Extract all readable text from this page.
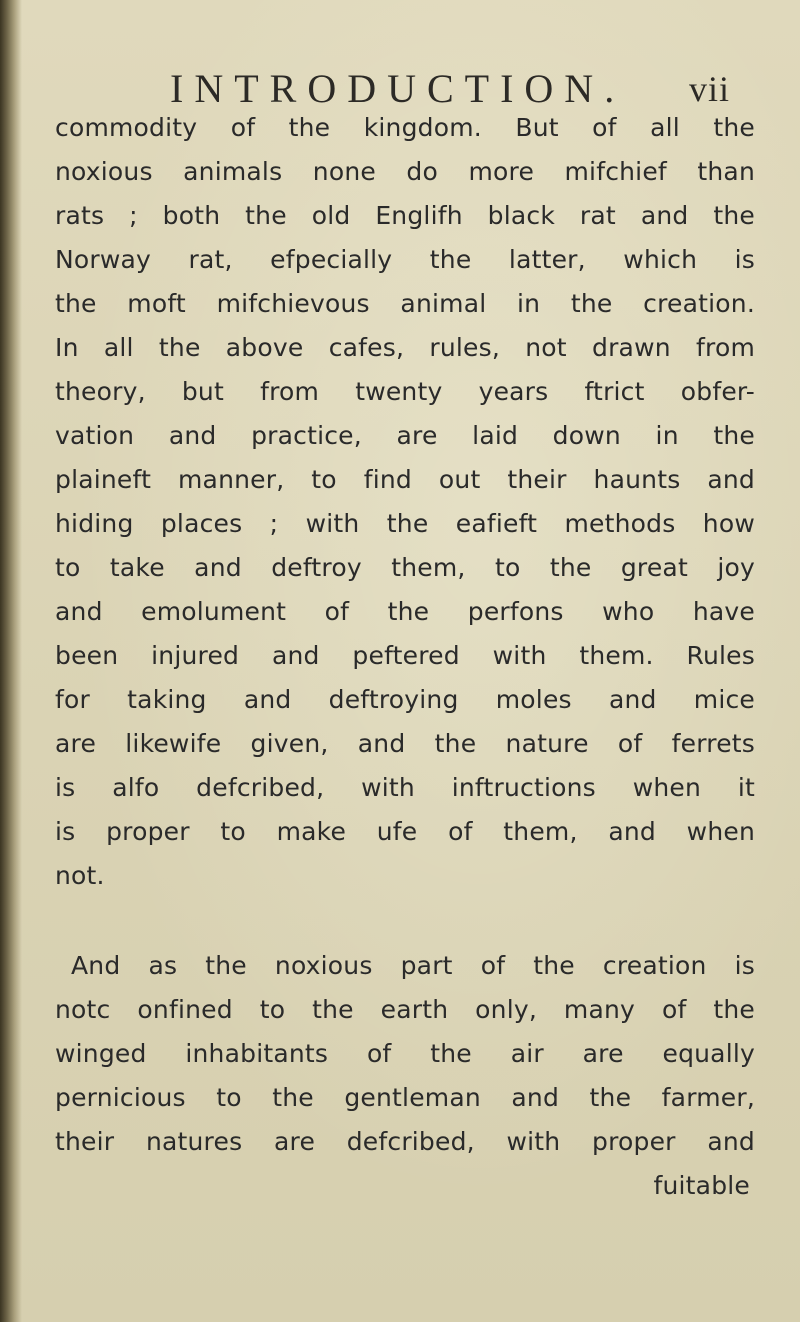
INTRODUCTION. vii
commodity of the kingdom. But of all the
noxious animals none do more mifchief than
rats ; both the old Englifh black rat and the
Norway rat, efpecially the latter, which is
the moft mifchievous animal in the creation.
In all the above cafes, rules, not drawn from
theory, but from twenty years ftrict obfer-
vation and practice, are laid down in the
plaineft manner, to find out their haunts and
hiding places ; with the eafieft methods how
to take and deftroy them, to the great joy
and emolument of the perfons who have
been injured and peftered with them. Rules
for taking and deftroying moles and mice
are likewife given, and the nature of ferrets
is alfo defcribed, with inftructions when it
is proper to make ufe of them, and when
not.
And as the noxious part of the creation is
notc onfined to the earth only, many of the
winged inhabitants of the air are equally
pernicious to the gentleman and the farmer,
their natures are defcribed, with proper and
fuitable
